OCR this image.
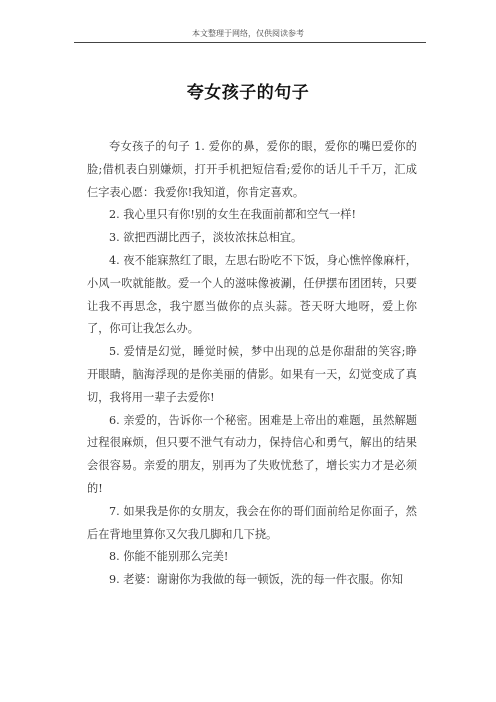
本文整理于网络，仅供阅读参考
夸女孩子的句子

夸女孩子的句子 1. 爱你的鼻，爱你的眼，爱你的嘴巴爱你的脸;借机表白别嫌烦，打开手机把短信看;爱你的话儿千千万，汇成仨字表心愿：我爱你!我知道，你肯定喜欢。

2. 我心里只有你!别的女生在我面前都和空气一样!

3. 欲把西湖比西子，淡妆浓抹总相宜。

4. 夜不能寐熬红了眼，左思右盼吃不下饭，身心憔悴像麻杆，小风一吹就能散。爱一个人的滋味像被涮，任伊摆布团团转，只要让我不再思念，我宁愿当做你的点头蒜。苍天呀大地呀，爱上你了，你可让我怎么办。

5. 爱情是幻觉，睡觉时候，梦中出现的总是你甜甜的笑容;睁开眼睛，脑海浮现的是你美丽的倩影。如果有一天，幻觉变成了真切，我将用一辈子去爱你!

6. 亲爱的，告诉你一个秘密。困难是上帝出的难题，虽然解题过程很麻烦，但只要不泄气有动力，保持信心和勇气，解出的结果会很容易。亲爱的朋友，别再为了失败忧愁了，增长实力才是必须的!

7. 如果我是你的女朋友，我会在你的哥们面前给足你面子，然后在背地里算你又欠我几脚和几下挠。

8. 你能不能别那么完美!

9. 老婆：谢谢你为我做的每一顿饭，洗的每一件衣服。你知
